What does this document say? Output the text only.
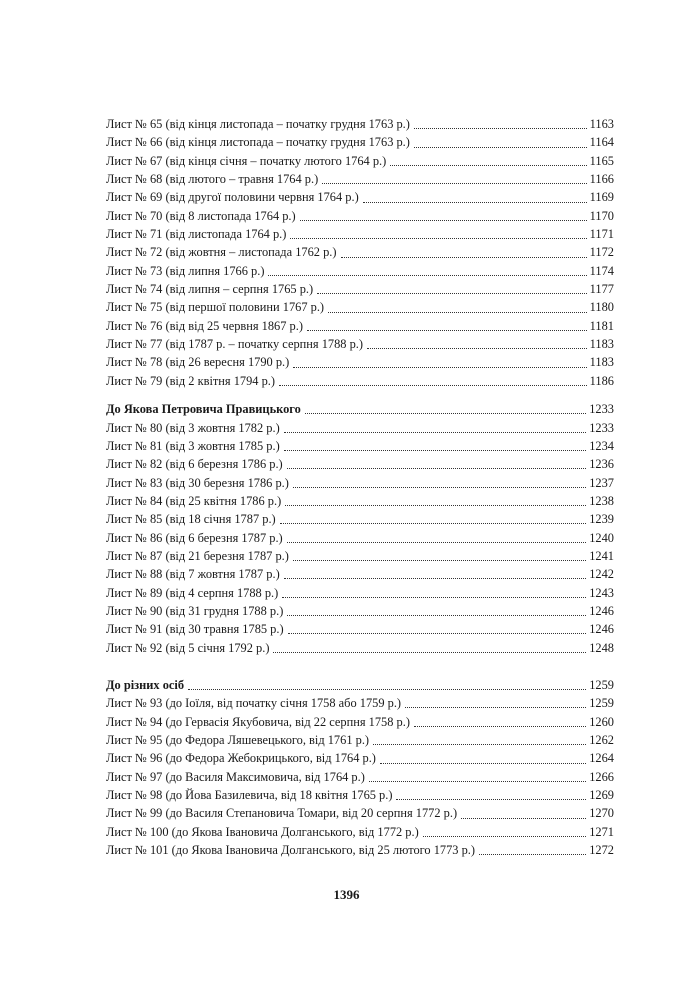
Лист № 65 (від кінця листопада – початку грудня 1763 р.)	1163
Лист № 66 (від кінця листопада – початку грудня 1763 р.)	1164
Лист № 67 (від кінця січня – початку лютого 1764 р.)	1165
Лист № 68 (від лютого – травня 1764 р.)	1166
Лист № 69 (від другої половини червня 1764 р.)	1169
Лист № 70 (від 8 листопада 1764 р.)	1170
Лист № 71 (від листопада 1764 р.)	1171
Лист № 72 (від жовтня – листопада 1762 р.)	1172
Лист № 73 (від липня 1766 р.)	1174
Лист № 74 (від липня – серпня 1765 р.)	1177
Лист № 75 (від першої половини 1767 р.)	1180
Лист № 76 (від від 25 червня 1867 р.)	1181
Лист № 77 (від 1787 р. – початку серпня 1788 р.)	1183
Лист № 78 (від 26 вересня 1790 р.)	1183
Лист № 79 (від 2 квітня 1794 р.)	1186
До Якова Петровича Правицького	1233
Лист № 80 (від 3 жовтня 1782 р.)	1233
Лист № 81 (від 3 жовтня 1785 р.)	1234
Лист № 82 (від 6 березня 1786 р.)	1236
Лист № 83 (від 30 березня 1786 р.)	1237
Лист № 84 (від 25 квітня 1786 р.)	1238
Лист № 85 (від 18 січня 1787 р.)	1239
Лист № 86 (від 6 березня 1787 р.)	1240
Лист № 87 (від 21 березня 1787 р.)	1241
Лист № 88 (від 7 жовтня 1787 р.)	1242
Лист № 89 (від 4 серпня 1788 р.)	1243
Лист № 90 (від 31 грудня 1788 р.)	1246
Лист № 91 (від 30 травня 1785 р.)	1246
Лист № 92 (від 5 січня 1792 р.)	1248
До різних осіб	1259
Лист № 93 (до Іоїля, від початку січня 1758 або 1759 р.)	1259
Лист № 94 (до Гервасія Якубовича, від 22 серпня 1758 р.)	1260
Лист № 95 (до Федора Ляшевецького, від 1761 р.)	1262
Лист № 96 (до Федора Жебокрицького, від 1764 р.)	1264
Лист № 97 (до Василя Максимовича, від 1764 р.)	1266
Лист № 98 (до Йова Базилевича, від 18 квітня 1765 р.)	1269
Лист № 99 (до Василя Степановича Томари, від 20 серпня 1772 р.)	1270
Лист № 100 (до Якова Івановича Долганського, від 1772 р.)	1271
Лист № 101 (до Якова Івановича Долганського, від 25 лютого 1773 р.)	1272
1396
